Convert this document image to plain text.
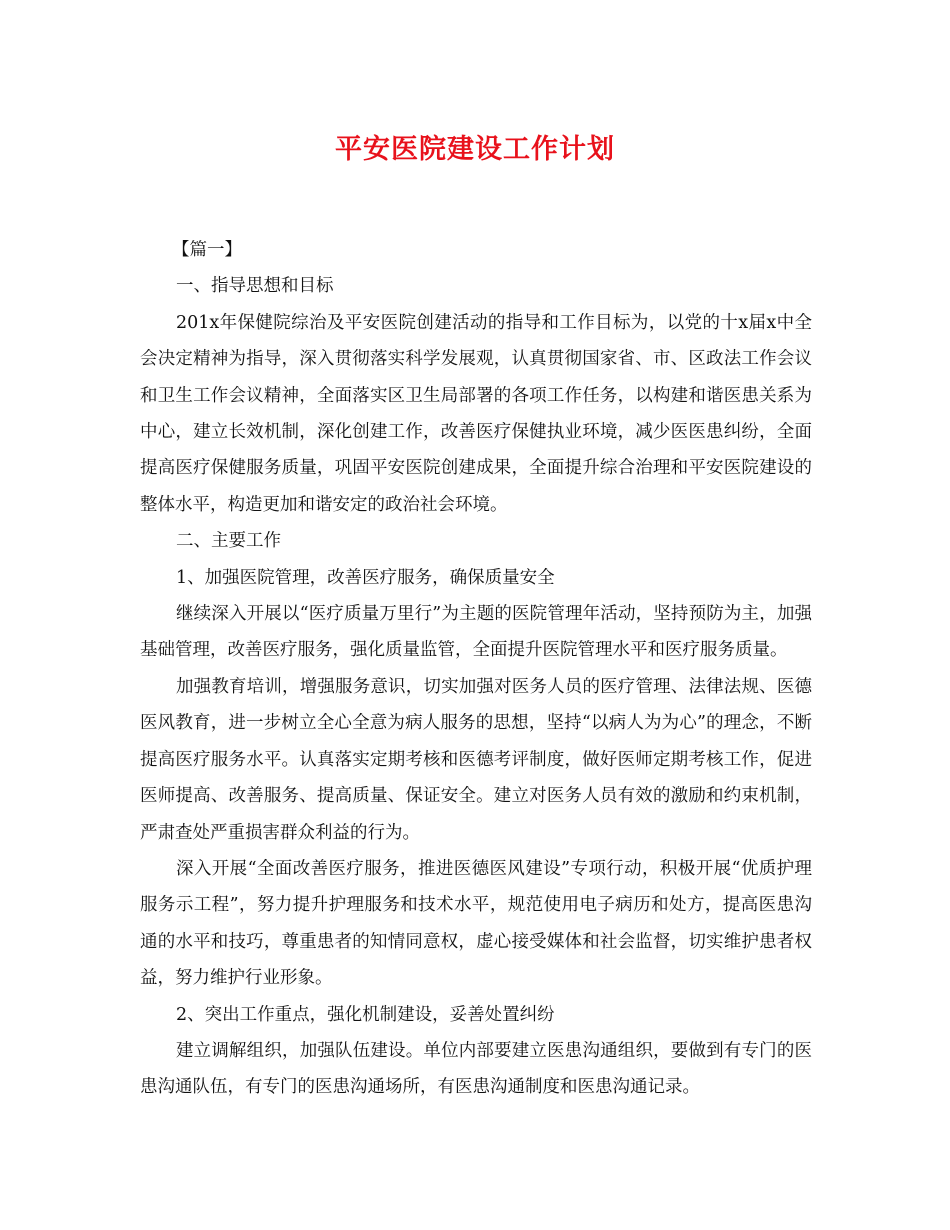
平安医院建设工作计划

【篇一】

一、指导思想和目标

201x年保健院综治及平安医院创建活动的指导和工作目标为，以党的十x届x中全会决定精神为指导，深入贯彻落实科学发展观，认真贯彻国家省、市、区政法工作会议和卫生工作会议精神，全面落实区卫生局部署的各项工作任务，以构建和谐医患关系为中心，建立长效机制，深化创建工作，改善医疗保健执业环境，减少医医患纠纷，全面提高医疗保健服务质量，巩固平安医院创建成果，全面提升综合治理和平安医院建设的整体水平，构造更加和谐安定的政治社会环境。

二、主要工作

1、加强医院管理，改善医疗服务，确保质量安全

继续深入开展以“医疗质量万里行”为主题的医院管理年活动，坚持预防为主，加强基础管理，改善医疗服务，强化质量监管，全面提升医院管理水平和医疗服务质量。

加强教育培训，增强服务意识，切实加强对医务人员的医疗管理、法律法规、医德医风教育，进一步树立全心全意为病人服务的思想，坚持“以病人为为心”的理念，不断提高医疗服务水平。认真落实定期考核和医德考评制度，做好医师定期考核工作，促进医师提高、改善服务、提高质量、保证安全。建立对医务人员有效的激励和约束机制，严肃查处严重损害群众利益的行为。

深入开展“全面改善医疗服务，推进医德医风建设”专项行动，积极开展“优质护理服务示工程”，努力提升护理服务和技术水平，规范使用电子病历和处方，提高医患沟通的水平和技巧，尊重患者的知情同意权，虚心接受媒体和社会监督，切实维护患者权益，努力维护行业形象。

2、突出工作重点，强化机制建设，妥善处置纠纷

建立调解组织，加强队伍建设。单位内部要建立医患沟通组织，要做到有专门的医患沟通队伍，有专门的医患沟通场所，有医患沟通制度和医患沟通记录。
